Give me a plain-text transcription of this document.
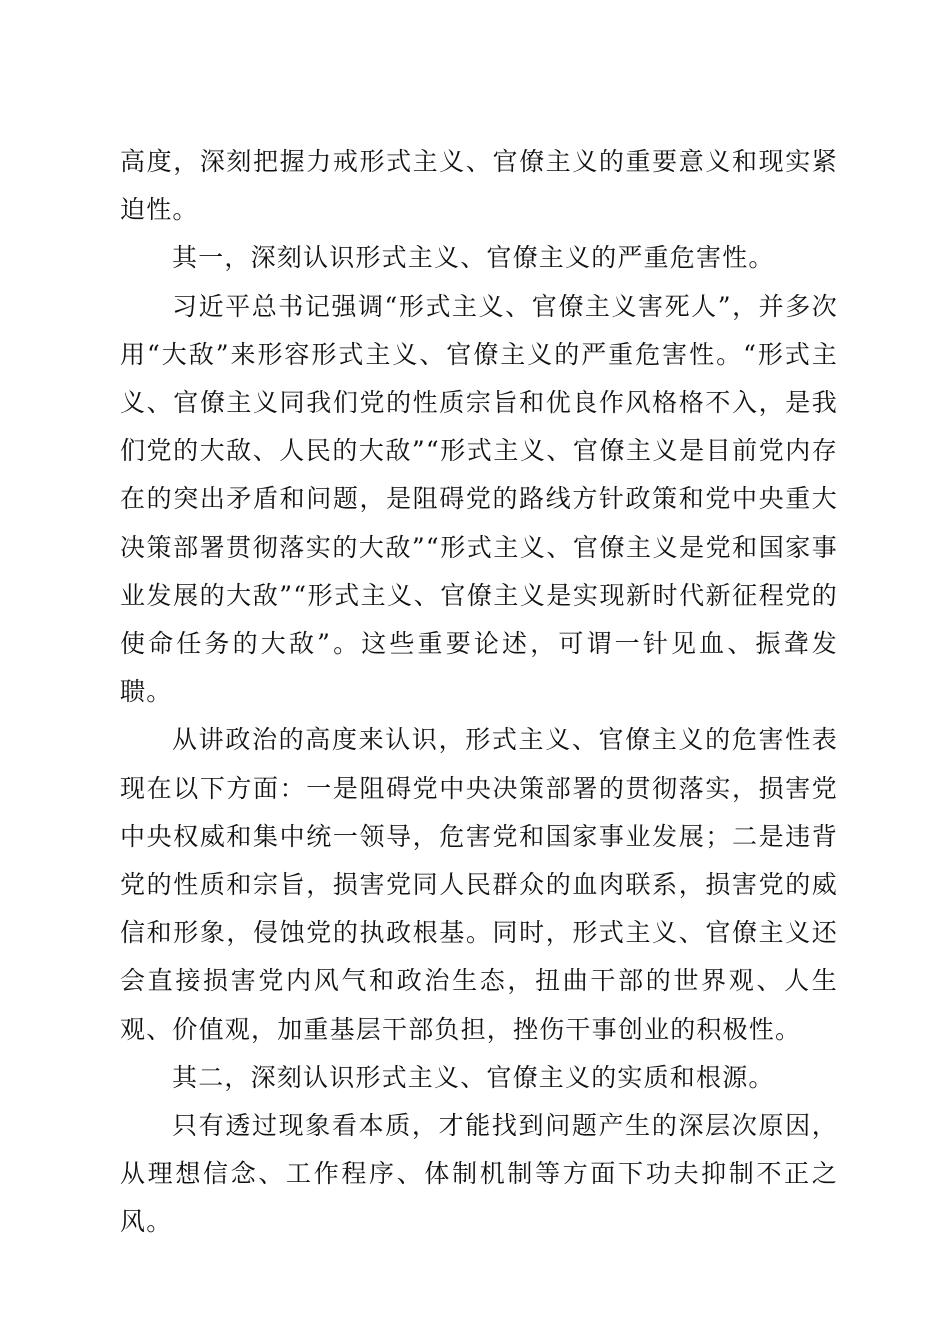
高度，深刻把握力戒形式主义、官僚主义的重要意义和现实紧迫性。

其一，深刻认识形式主义、官僚主义的严重危害性。

习近平总书记强调“形式主义、官僚主义害死人”，并多次用“大敌”来形容形式主义、官僚主义的严重危害性。“形式主义、官僚主义同我们党的性质宗旨和优良作风格格不入，是我们党的大敌、人民的大敌”“形式主义、官僚主义是目前党内存在的突出矛盾和问题，是阻碍党的路线方针政策和党中央重大决策部署贯彻落实的大敌”“形式主义、官僚主义是党和国家事业发展的大敌”“形式主义、官僚主义是实现新时代新征程党的使命任务的大敌”。这些重要论述，可谓一针见血、振聋发聩。

从讲政治的高度来认识，形式主义、官僚主义的危害性表现在以下方面：一是阻碍党中央决策部署的贯彻落实，损害党中央权威和集中统一领导，危害党和国家事业发展；二是违背党的性质和宗旨，损害党同人民群众的血肉联系，损害党的威信和形象，侵蚀党的执政根基。同时，形式主义、官僚主义还会直接损害党内风气和政治生态，扭曲干部的世界观、人生观、价值观，加重基层干部负担，挫伤干事创业的积极性。

其二，深刻认识形式主义、官僚主义的实质和根源。

只有透过现象看本质，才能找到问题产生的深层次原因，从理想信念、工作程序、体制机制等方面下功夫抑制不正之风。
